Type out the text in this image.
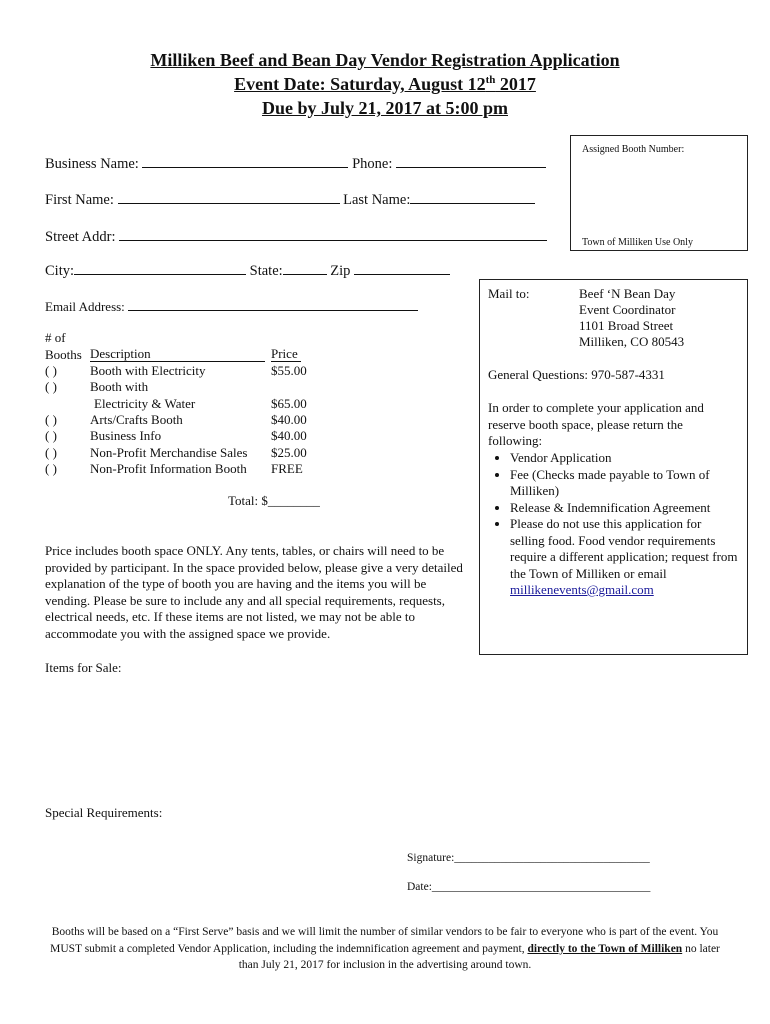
Milliken Beef and Bean Day Vendor Registration Application
Event Date: Saturday, August 12th 2017
Due by July 21, 2017 at 5:00 pm
Assigned Booth Number:
Town of Milliken Use Only
Business Name:	Phone:
First Name:	Last Name:
Street Addr:
City:	State:	Zip
Email Address:
# of
Booths Description	Price
( )	Booth with Electricity	$55.00
( )	Booth with
Electricity & Water	$65.00
( )	Arts/Crafts Booth	$40.00
( )	Business Info	$40.00
( )	Non-Profit Merchandise Sales $25.00
( )	Non-Profit Information Booth FREE
Total: $________
Price includes booth space ONLY. Any tents, tables, or chairs will need to be provided by participant. In the space provided below, please give a very detailed explanation of the type of booth you are having and the items you will be vending. Please be sure to include any and all special requirements, requests, electrical needs, etc. If these items are not listed, we may not be able to accommodate you with the assigned space we provide.
Mail to:	Beef ‘N Bean Day
Event Coordinator
1101 Broad Street
Milliken, CO 80543
General Questions: 970-587-4331
In order to complete your application and reserve booth space, please return the following:
• Vendor Application
• Fee (Checks made payable to Town of Milliken)
• Release & Indemnification Agreement
• Please do not use this application for selling food. Food vendor requirements require a different application; request from the Town of Milliken or email millikenevents@gmail.com
Items for Sale:
Special Requirements:
Signature:__________________________________
Date:______________________________________
Booths will be based on a “First Serve” basis and we will limit the number of similar vendors to be fair to everyone who is part of the event. You MUST submit a completed Vendor Application, including the indemnification agreement and payment, directly to the Town of Milliken no later than July 21, 2017 for inclusion in the advertising around town.
